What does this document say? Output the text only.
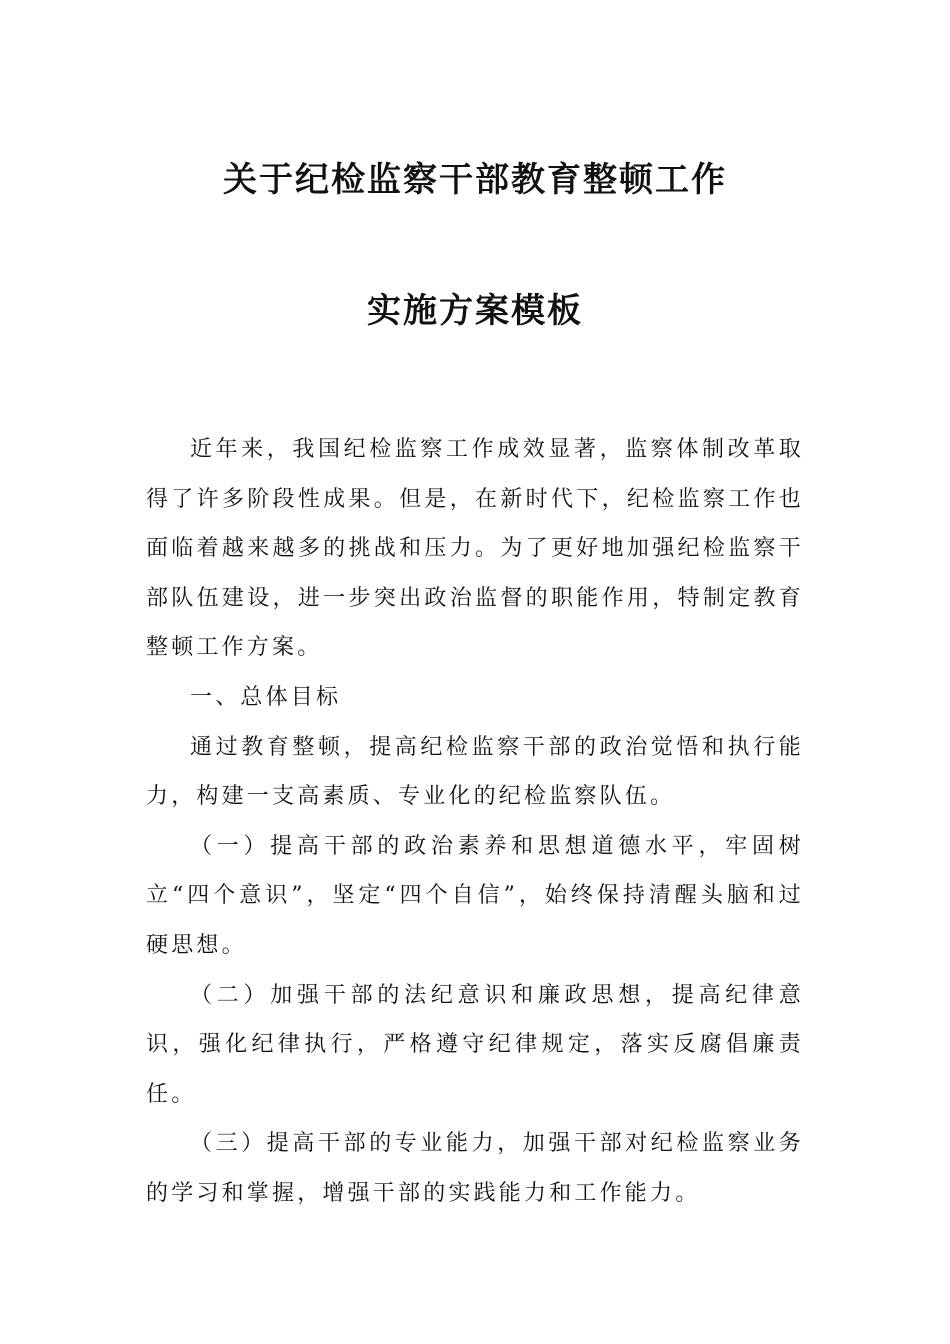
关于纪检监察干部教育整顿工作
实施方案模板

近年来，我国纪检监察工作成效显著，监察体制改革取得了许多阶段性成果。但是，在新时代下，纪检监察工作也面临着越来越多的挑战和压力。为了更好地加强纪检监察干部队伍建设，进一步突出政治监督的职能作用，特制定教育整顿工作方案。

一、总体目标

通过教育整顿，提高纪检监察干部的政治觉悟和执行能力，构建一支高素质、专业化的纪检监察队伍。

（一）提高干部的政治素养和思想道德水平，牢固树立“四个意识”，坚定“四个自信”，始终保持清醒头脑和过硬思想。

（二）加强干部的法纪意识和廉政思想，提高纪律意识，强化纪律执行，严格遵守纪律规定，落实反腐倡廉责任。

（三）提高干部的专业能力，加强干部对纪检监察业务的学习和掌握，增强干部的实践能力和工作能力。
